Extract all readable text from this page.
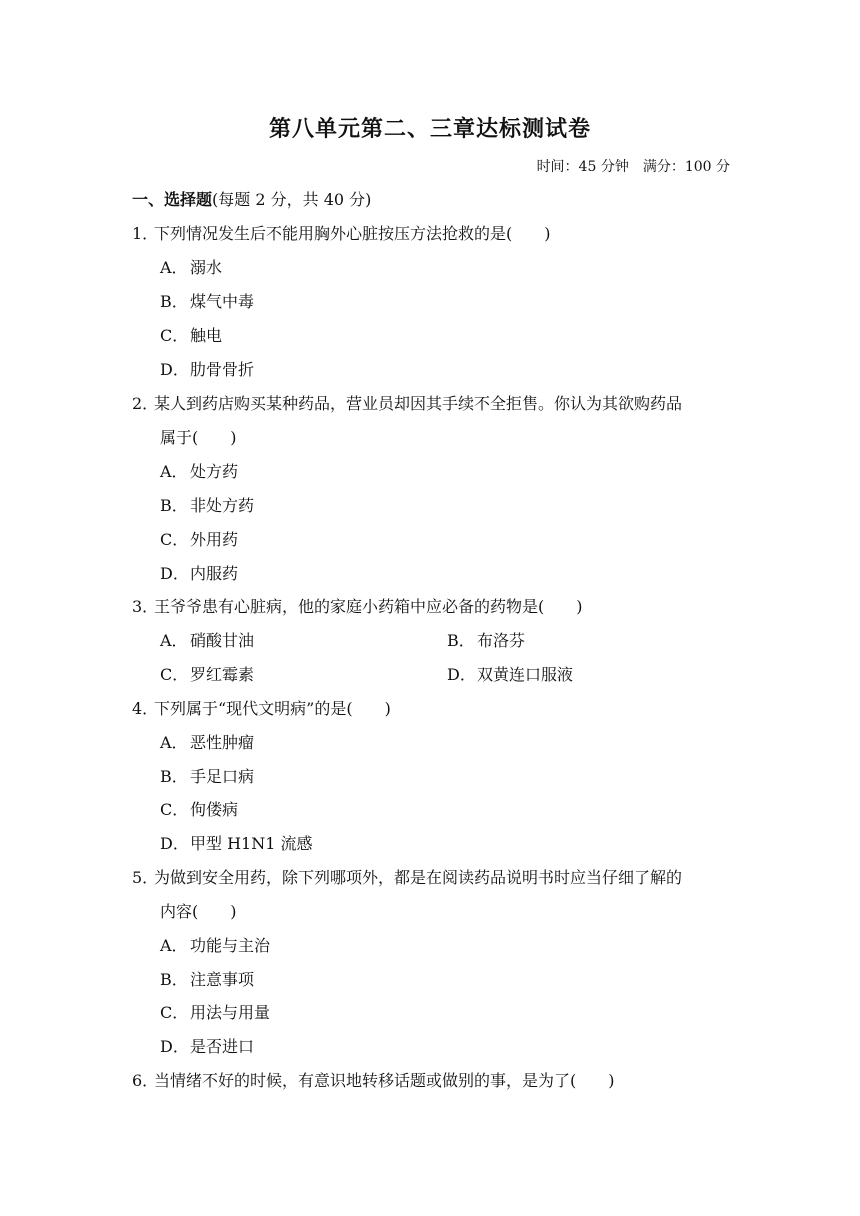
第八单元第二、三章达标测试卷
时间：45 分钟 满分：100 分
一、选择题(每题 2 分，共 40 分)
1．下列情况发生后不能用胸外心脏按压方法抢救的是(　　)
A． 溺水
B． 煤气中毒
C． 触电
D．肋骨骨折
2．某人到药店购买某种药品，营业员却因其手续不全拒售。你认为其欲购药品
属于(　　)
A． 处方药
B． 非处方药
C． 外用药
D．内服药
3．王爷爷患有心脏病，他的家庭小药箱中应必备的药物是(　　)
A． 硝酸甘油	B． 布洛芬
C． 罗红霉素	D．双黄连口服液
4．下列属于“现代文明病”的是(　　)
A． 恶性肿瘤
B． 手足口病
C． 佝偻病
D．甲型 H1N1 流感
5．为做到安全用药，除下列哪项外，都是在阅读药品说明书时应当仔细了解的
内容(　　)
A． 功能与主治
B． 注意事项
C． 用法与用量
D．是否进口
6．当情绪不好的时候，有意识地转移话题或做别的事，是为了(　　)
